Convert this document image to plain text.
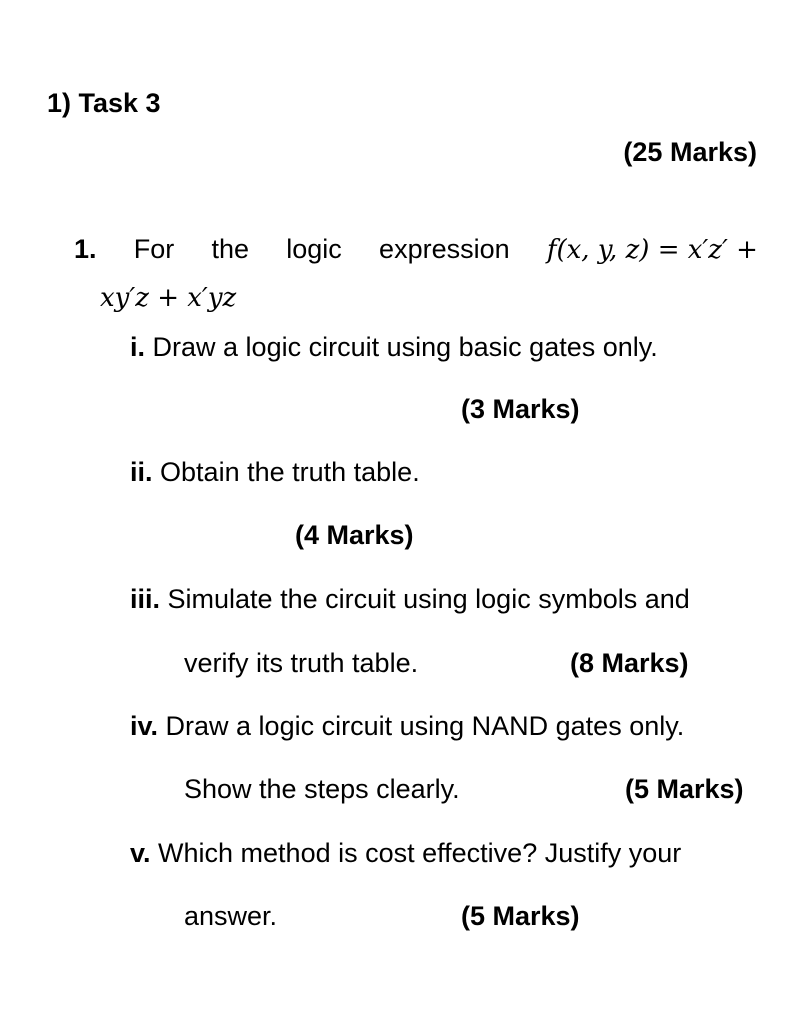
1) Task 3
(25 Marks)
1. For the logic expression f(x, y, z) = x′z′ +
xy′z + x′yz
i. Draw a logic circuit using basic gates only.
(3 Marks)
ii. Obtain the truth table.
(4 Marks)
iii. Simulate the circuit using logic symbols and
verify its truth table.	(8 Marks)
iv. Draw a logic circuit using NAND gates only.
Show the steps clearly.	(5 Marks)
v. Which method is cost effective? Justify your
answer.	(5 Marks)
